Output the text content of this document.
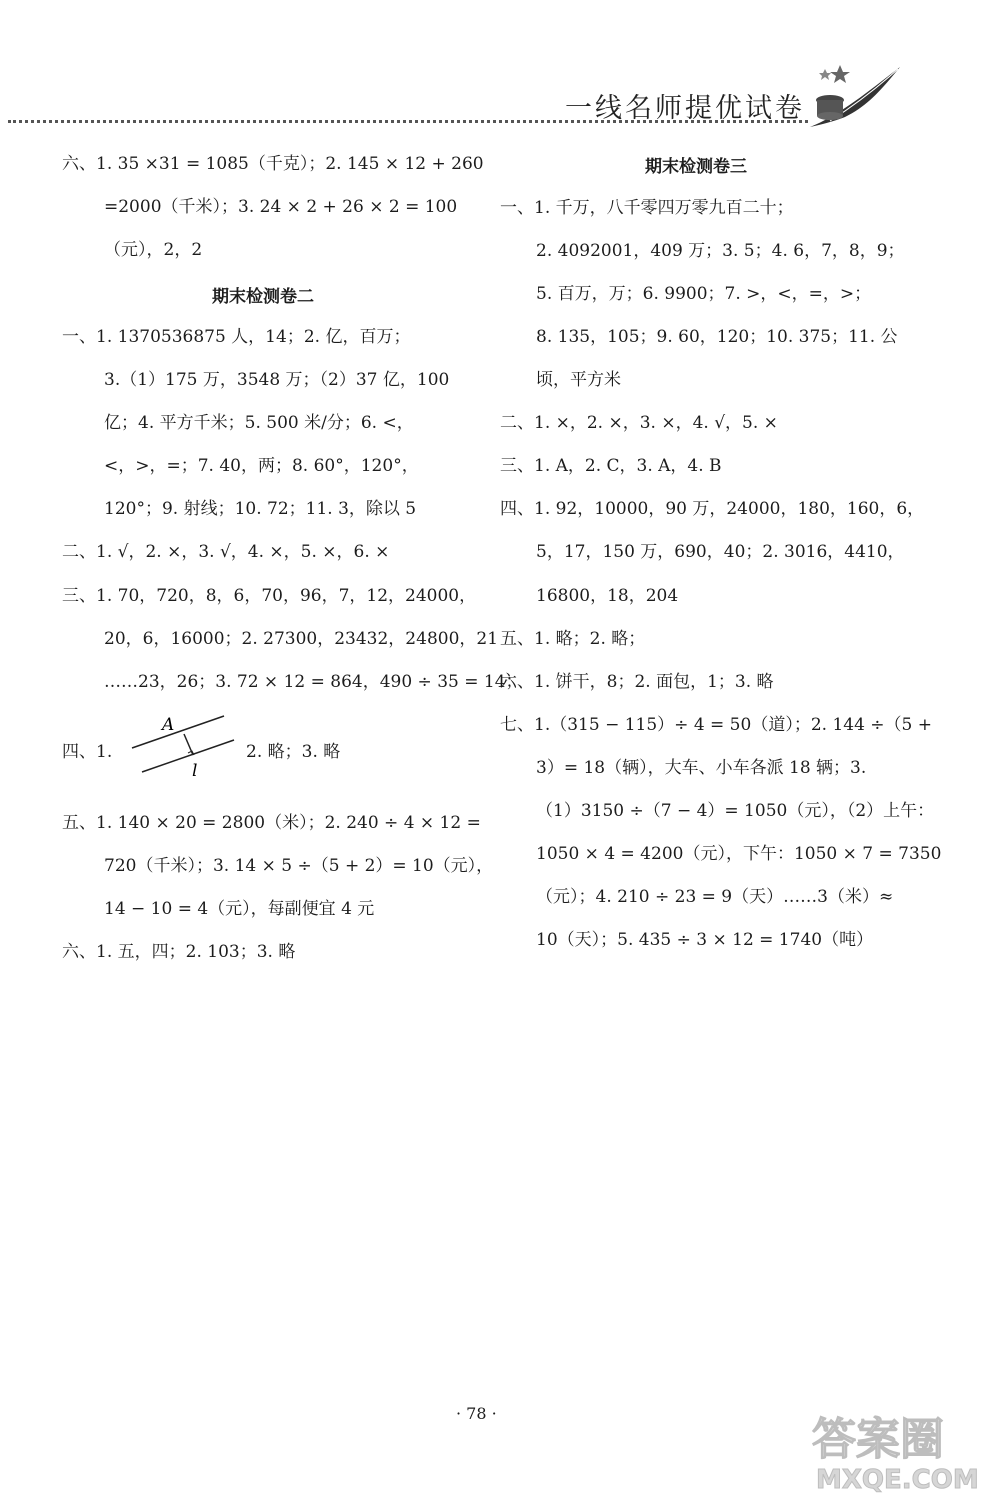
一线名师提优试卷
六、1. 35 ×31 = 1085（千克）；2. 145 × 12 + 260
=2000（千米）；3. 24 × 2 + 26 × 2 = 100
（元），2，2
期末检测卷二
一、1. 1370536875 人，14；2. 亿，百万；
3.（1）175 万，3548 万；（2）37 亿，100
亿；4. 平方千米；5. 500 米/分；6. <，
<，>，=；7. 40，两；8. 60°，120°，
120°；9. 射线；10. 72；11. 3，除以 5
二、1. √，2. ×，3. √，4. ×，5. ×，6. ×
三、1. 70，720，8，6，70，96，7，12，24000，
20，6，16000；2. 27300，23432，24800，21
……23，26；3. 72 × 12 = 864，490 ÷ 35 = 14；
四、1.
A
l
2. 略；3. 略
五、1. 140 × 20 = 2800（米）；2. 240 ÷ 4 × 12 =
720（千米）；3. 14 × 5 ÷（5 + 2）= 10（元），
14 − 10 = 4（元），每副便宜 4 元
六、1. 五，四；2. 103；3. 略
期末检测卷三
一、1. 千万，八千零四万零九百二十；
2. 4092001，409 万；3. 5；4. 6，7，8，9；
5. 百万，万；6. 9900；7. >，<，=，>；
8. 135，105；9. 60，120；10. 375；11. 公
顷，平方米
二、1. ×，2. ×，3. ×，4. √，5. ×
三、1. A，2. C，3. A，4. B
四、1. 92，10000，90 万，24000，180，160，6，
5，17，150 万，690，40；2. 3016，4410，
16800，18，204
五、1. 略；2. 略；
六、1. 饼干，8；2. 面包，1；3. 略
七、1.（315 − 115）÷ 4 = 50（道）；2. 144 ÷（5 +
3）= 18（辆），大车、小车各派 18 辆；3.
（1）3150 ÷（7 − 4）= 1050（元），（2）上午：
1050 × 4 = 4200（元），下午：1050 × 7 = 7350
（元）；4. 210 ÷ 23 = 9（天）……3（米）≈
10（天）；5. 435 ÷ 3 × 12 = 1740（吨）
· 78 ·
答案圈
MXQE.COM
